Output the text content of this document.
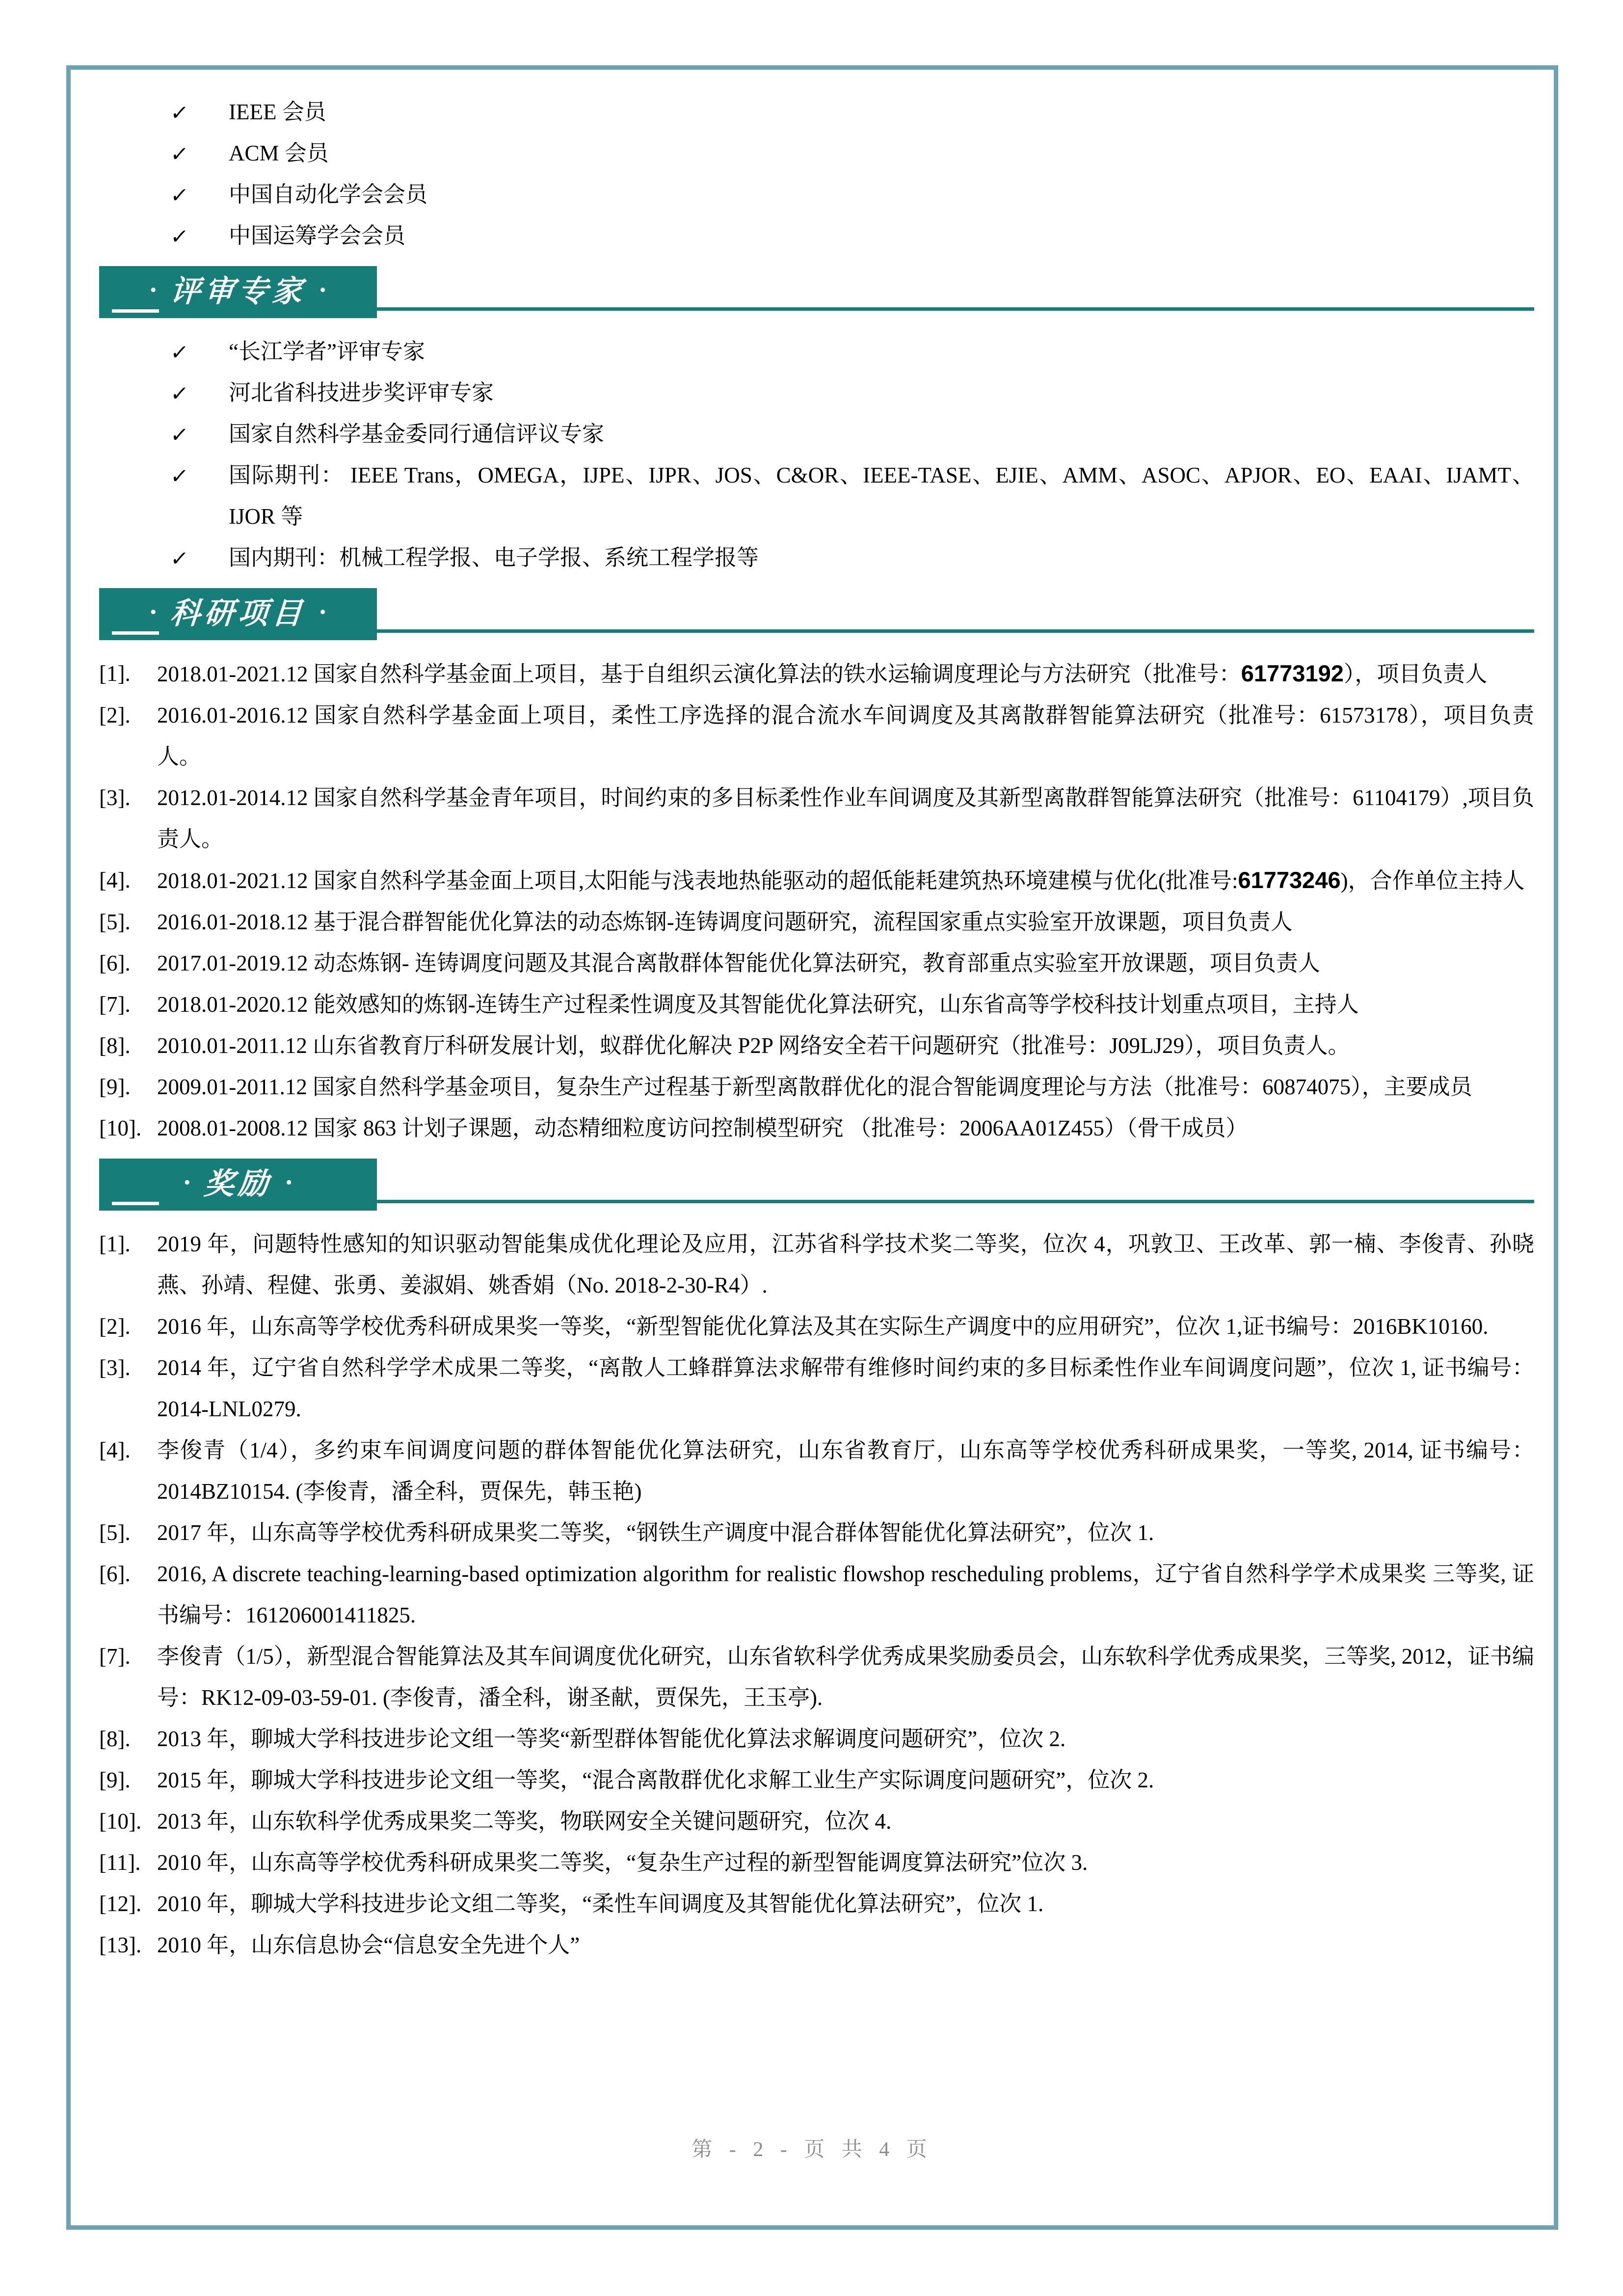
✓ IEEE 会员
✓ ACM 会员
✓ 中国自动化学会会员
✓ 中国运筹学会会员
• 评审专家 •
✓ “长江学者”评审专家
✓ 河北省科技进步奖评审专家
✓ 国家自然科学基金委同行通信评议专家
✓ 国际期刊： IEEE Trans，OMEGA，IJPE、IJPR、JOS、C&OR、IEEE-TASE、EJIE、AMM、ASOC、APJOR、EO、EAAI、IJAMT、IJOR 等
✓ 国内期刊：机械工程学报、电子学报、系统工程学报等
• 科研项目 •
[1]. 2018.01-2021.12 国家自然科学基金面上项目，基于自组织云演化算法的铁水运输调度理论与方法研究（批准号：61773192），项目负责人
[2]. 2016.01-2016.12 国家自然科学基金面上项目，柔性工序选择的混合流水车间调度及其离散群智能算法研究（批准号：61573178），项目负责人。
[3]. 2012.01-2014.12 国家自然科学基金青年项目，时间约束的多目标柔性作业车间调度及其新型离散群智能算法研究（批准号：61104179）,项目负责人。
[4]. 2018.01-2021.12 国家自然科学基金面上项目,太阳能与浅表地热能驱动的超低能耗建筑热环境建模与优化(批准号:61773246)，合作单位主持人
[5]. 2016.01-2018.12 基于混合群智能优化算法的动态炼钢-连铸调度问题研究，流程国家重点实验室开放课题，项目负责人
[6]. 2017.01-2019.12 动态炼钢- 连铸调度问题及其混合离散群体智能优化算法研究，教育部重点实验室开放课题，项目负责人
[7]. 2018.01-2020.12 能效感知的炼钢-连铸生产过程柔性调度及其智能优化算法研究，山东省高等学校科技计划重点项目，主持人
[8]. 2010.01-2011.12 山东省教育厅科研发展计划，蚁群优化解决 P2P 网络安全若干问题研究（批准号：J09LJ29），项目负责人。
[9]. 2009.01-2011.12 国家自然科学基金项目，复杂生产过程基于新型离散群优化的混合智能调度理论与方法（批准号：60874075），主要成员
[10]. 2008.01-2008.12 国家 863 计划子课题，动态精细粒度访问控制模型研究 （批准号：2006AA01Z455）（骨干成员）
• 奖励 •
[1]. 2019 年，问题特性感知的知识驱动智能集成优化理论及应用，江苏省科学技术奖二等奖，位次 4，巩敦卫、王改革、郭一楠、李俊青、孙晓燕、孙靖、程健、张勇、姜淑娟、姚香娟（No. 2018-2-30-R4）.
[2]. 2016 年，山东高等学校优秀科研成果奖一等奖，“新型智能优化算法及其在实际生产调度中的应用研究”，位次 1,证书编号：2016BK10160.
[3]. 2014 年，辽宁省自然科学学术成果二等奖，“离散人工蜂群算法求解带有维修时间约束的多目标柔性作业车间调度问题”，位次 1, 证书编号：2014-LNL0279.
[4]. 李俊青（1/4），多约束车间调度问题的群体智能优化算法研究，山东省教育厅，山东高等学校优秀科研成果奖，一等奖, 2014, 证书编号：2014BZ10154. (李俊青，潘全科，贾保先，韩玉艳)
[5]. 2017 年，山东高等学校优秀科研成果奖二等奖，“钢铁生产调度中混合群体智能优化算法研究”，位次 1.
[6]. 2016, A discrete teaching-learning-based optimization algorithm for realistic flowshop rescheduling problems，辽宁省自然科学学术成果奖 三等奖, 证书编号：161206001411825.
[7]. 李俊青（1/5），新型混合智能算法及其车间调度优化研究，山东省软科学优秀成果奖励委员会，山东软科学优秀成果奖，三等奖, 2012，证书编号：RK12-09-03-59-01. (李俊青，潘全科，谢圣献，贾保先，王玉亭).
[8]. 2013 年，聊城大学科技进步论文组一等奖“新型群体智能优化算法求解调度问题研究”，位次 2.
[9]. 2015 年，聊城大学科技进步论文组一等奖，“混合离散群优化求解工业生产实际调度问题研究”，位次 2.
[10]. 2013 年，山东软科学优秀成果奖二等奖，物联网安全关键问题研究，位次 4.
[11]. 2010 年，山东高等学校优秀科研成果奖二等奖，“复杂生产过程的新型智能调度算法研究”位次 3.
[12]. 2010 年，聊城大学科技进步论文组二等奖，“柔性车间调度及其智能优化算法研究”，位次 1.
[13]. 2010 年，山东信息协会“信息安全先进个人”
第 - 2 - 页 共 4 页
